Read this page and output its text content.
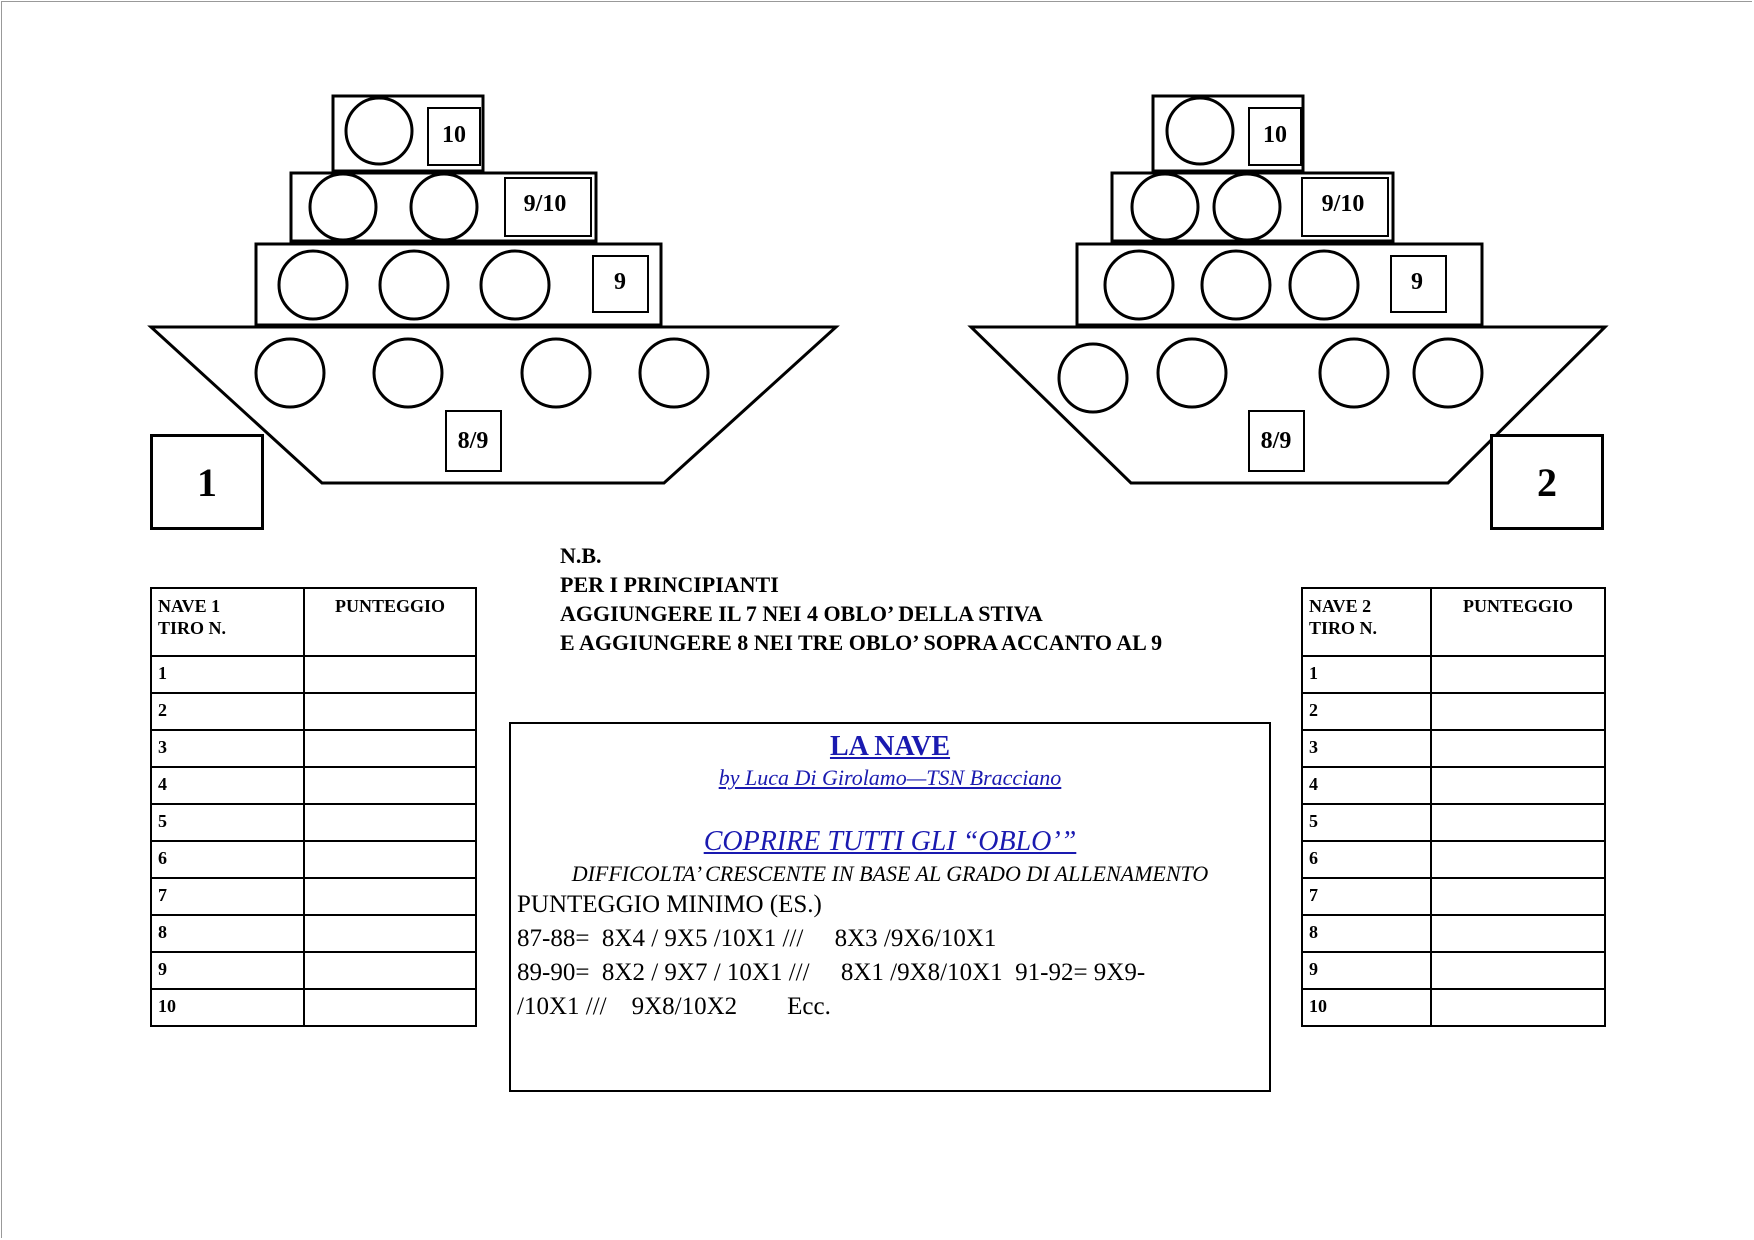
10
9/10
9
8/9
1
10
9/10
9
8/9
2
N.B.
PER I PRINCIPIANTI
AGGIUNGERE IL 7 NEI 4 OBLO’ DELLA STIVA
E AGGIUNGERE 8 NEI TRE OBLO’ SOPRA ACCANTO AL 9
NAVE 1
TIRO N.	PUNTEGGIO
1	
2	
3	
4	
5	
6	
7	
8	
9	
10	
NAVE 2
TIRO N.	PUNTEGGIO
1	
2	
3	
4	
5	
6	
7	
8	
9	
10	
LA NAVE
by Luca Di Girolamo—TSN Bracciano
COPRIRE TUTTI GLI “OBLO’”
DIFFICOLTA’ CRESCENTE IN BASE AL GRADO DI ALLENAMENTO
PUNTEGGIO MINIMO (ES.)
87-88=  8X4 / 9X5 /10X1 ///     8X3 /9X6/10X1
89-90=  8X2 / 9X7 / 10X1 ///     8X1 /9X8/10X1  91-92= 9X9-
/10X1 ///    9X8/10X2        Ecc.
